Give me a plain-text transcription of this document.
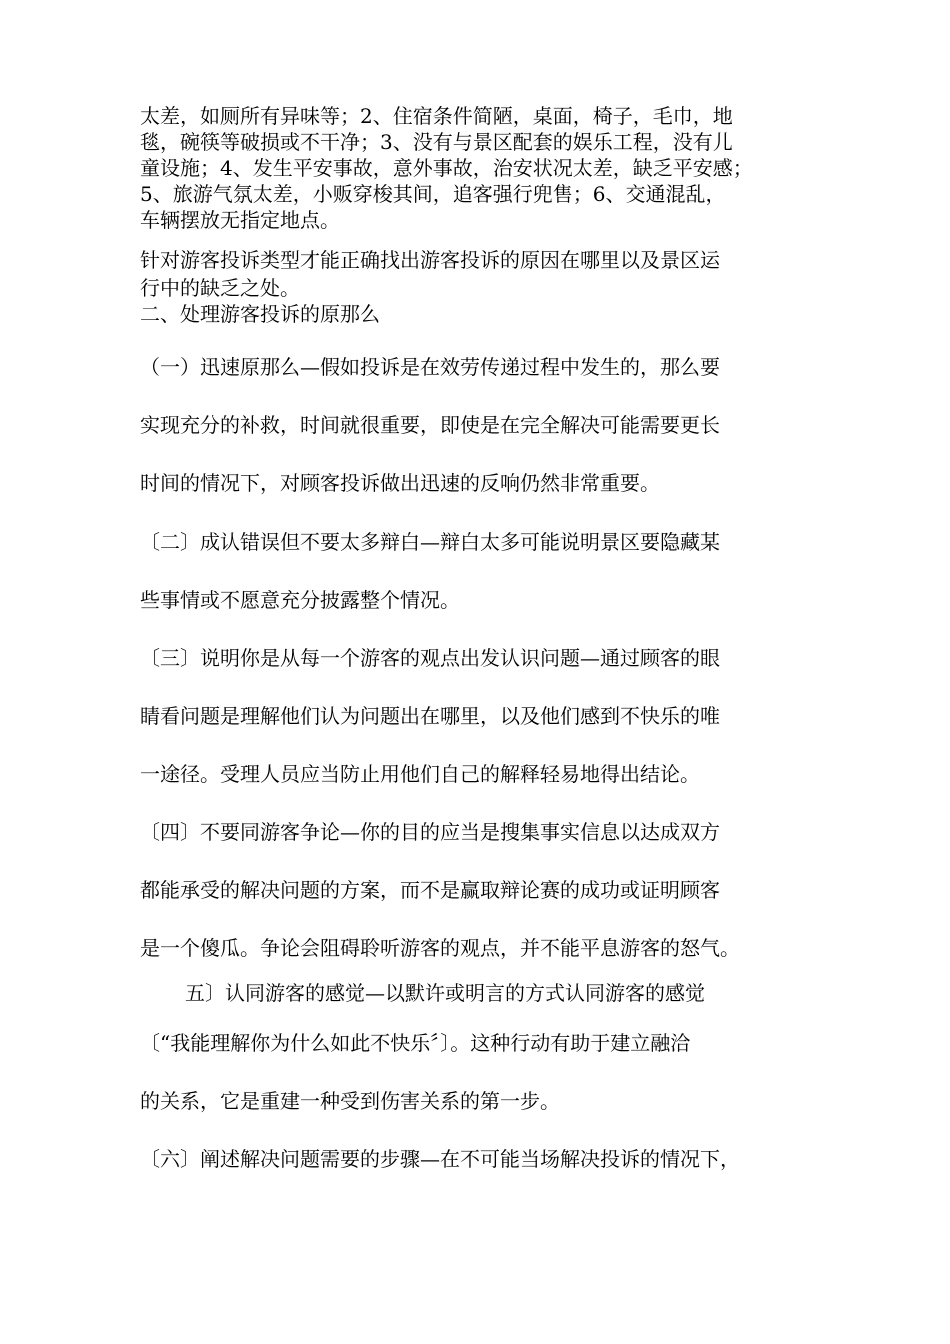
太差，如厕所有异味等；2、住宿条件简陋，桌面，椅子，毛巾，地
毯，碗筷等破损或不干净；3、没有与景区配套的娱乐工程，没有儿
童设施；4、发生平安事故，意外事故，治安状况太差，缺乏平安感；
5、旅游气氛太差，小贩穿梭其间，追客强行兜售；6、交通混乱，
车辆摆放无指定地点。
针对游客投诉类型才能正确找出游客投诉的原因在哪里以及景区运
行中的缺乏之处。
二、处理游客投诉的原那么
（一）迅速原那么—假如投诉是在效劳传递过程中发生的，那么要
实现充分的补救，时间就很重要，即使是在完全解决可能需要更长
时间的情况下，对顾客投诉做出迅速的反响仍然非常重要。
〔二〕成认错误但不要太多辩白—辩白太多可能说明景区要隐藏某
些事情或不愿意充分披露整个情况。
〔三〕说明你是从每一个游客的观点出发认识问题—通过顾客的眼
睛看问题是理解他们认为问题出在哪里，以及他们感到不快乐的唯
一途径。受理人员应当防止用他们自己的解释轻易地得出结论。
〔四〕不要同游客争论—你的目的应当是搜集事实信息以达成双方
都能承受的解决问题的方案，而不是赢取辩论赛的成功或证明顾客
是一个傻瓜。争论会阻碍聆听游客的观点，并不能平息游客的怒气。
五〕认同游客的感觉—以默许或明言的方式认同游客的感觉
〔“我能理解你为什么如此不快乐〞〕。这种行动有助于建立融洽
的关系，它是重建一种受到伤害关系的第一步。
〔六〕阐述解决问题需要的步骤—在不可能当场解决投诉的情况下，
